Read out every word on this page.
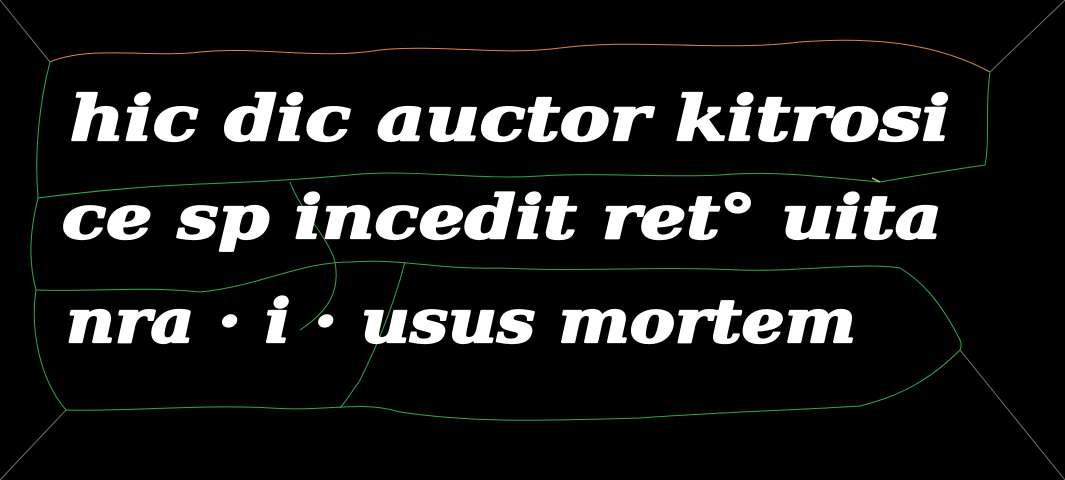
hic dic auctor kitrosi
ce sp incedit ret° uita
nra · i · usus mortem
